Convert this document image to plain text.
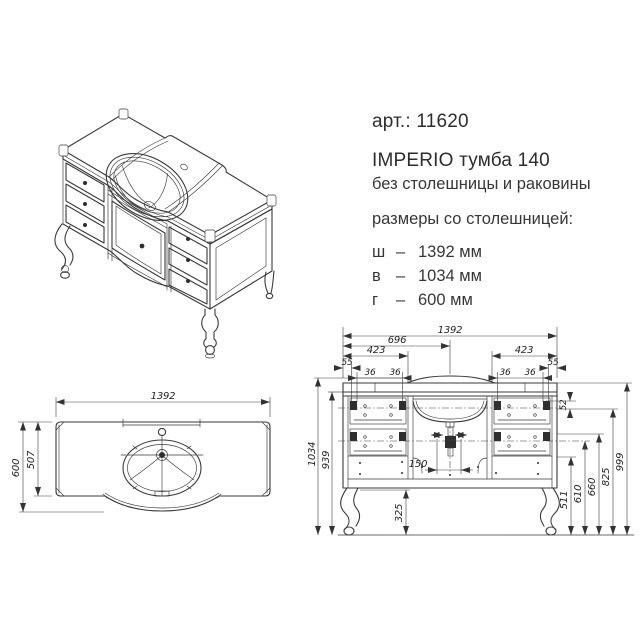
арт.: 11620

IMPERIO тумба 140

без столешницы и раковины

размеры со столешницей:

ш – 1392 мм
в – 1034 мм
г	– 600 мм
1392
600 507
1392
696
423	423
55	55
36 36	36 36
1034 939
52
511 610 660
825
999
325
150
